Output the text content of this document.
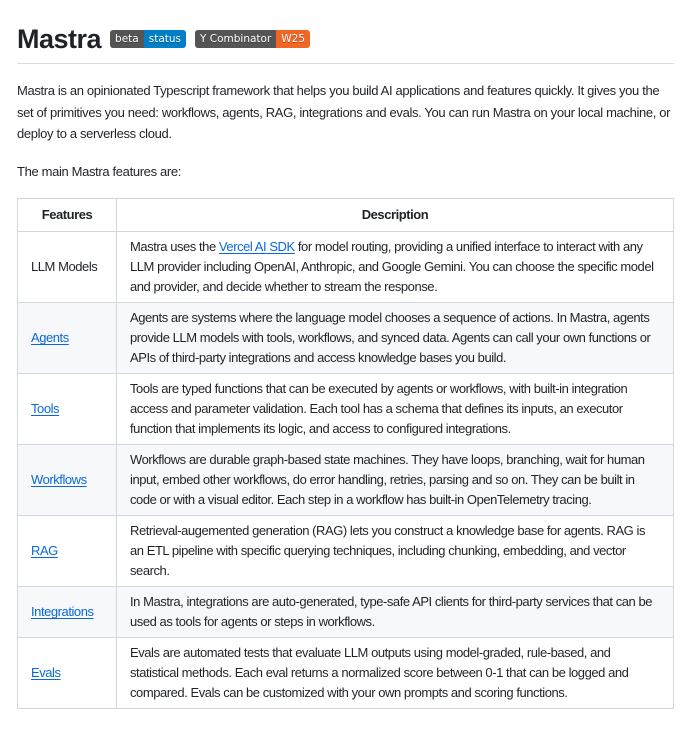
Mastra	beta status	Y Combinator W25

Mastra is an opinionated Typescript framework that helps you build AI applications and features quickly. It gives you the set of primitives you need: workflows, agents, RAG, integrations and evals. You can run Mastra on your local machine, or deploy to a serverless cloud.

The main Mastra features are:

Features	Description
LLM Models	Mastra uses the Vercel AI SDK for model routing, providing a unified interface to interact with any LLM provider including OpenAI, Anthropic, and Google Gemini. You can choose the specific model and provider, and decide whether to stream the response.
Agents	Agents are systems where the language model chooses a sequence of actions. In Mastra, agents provide LLM models with tools, workflows, and synced data. Agents can call your own functions or APIs of third-party integrations and access knowledge bases you build.
Tools	Tools are typed functions that can be executed by agents or workflows, with built-in integration access and parameter validation. Each tool has a schema that defines its inputs, an executor function that implements its logic, and access to configured integrations.
Workflows	Workflows are durable graph-based state machines. They have loops, branching, wait for human input, embed other workflows, do error handling, retries, parsing and so on. They can be built in code or with a visual editor. Each step in a workflow has built-in OpenTelemetry tracing.
RAG	Retrieval-augemented generation (RAG) lets you construct a knowledge base for agents. RAG is an ETL pipeline with specific querying techniques, including chunking, embedding, and vector search.
Integrations	In Mastra, integrations are auto-generated, type-safe API clients for third-party services that can be used as tools for agents or steps in workflows.
Evals	Evals are automated tests that evaluate LLM outputs using model-graded, rule-based, and statistical methods. Each eval returns a normalized score between 0-1 that can be logged and compared. Evals can be customized with your own prompts and scoring functions.
